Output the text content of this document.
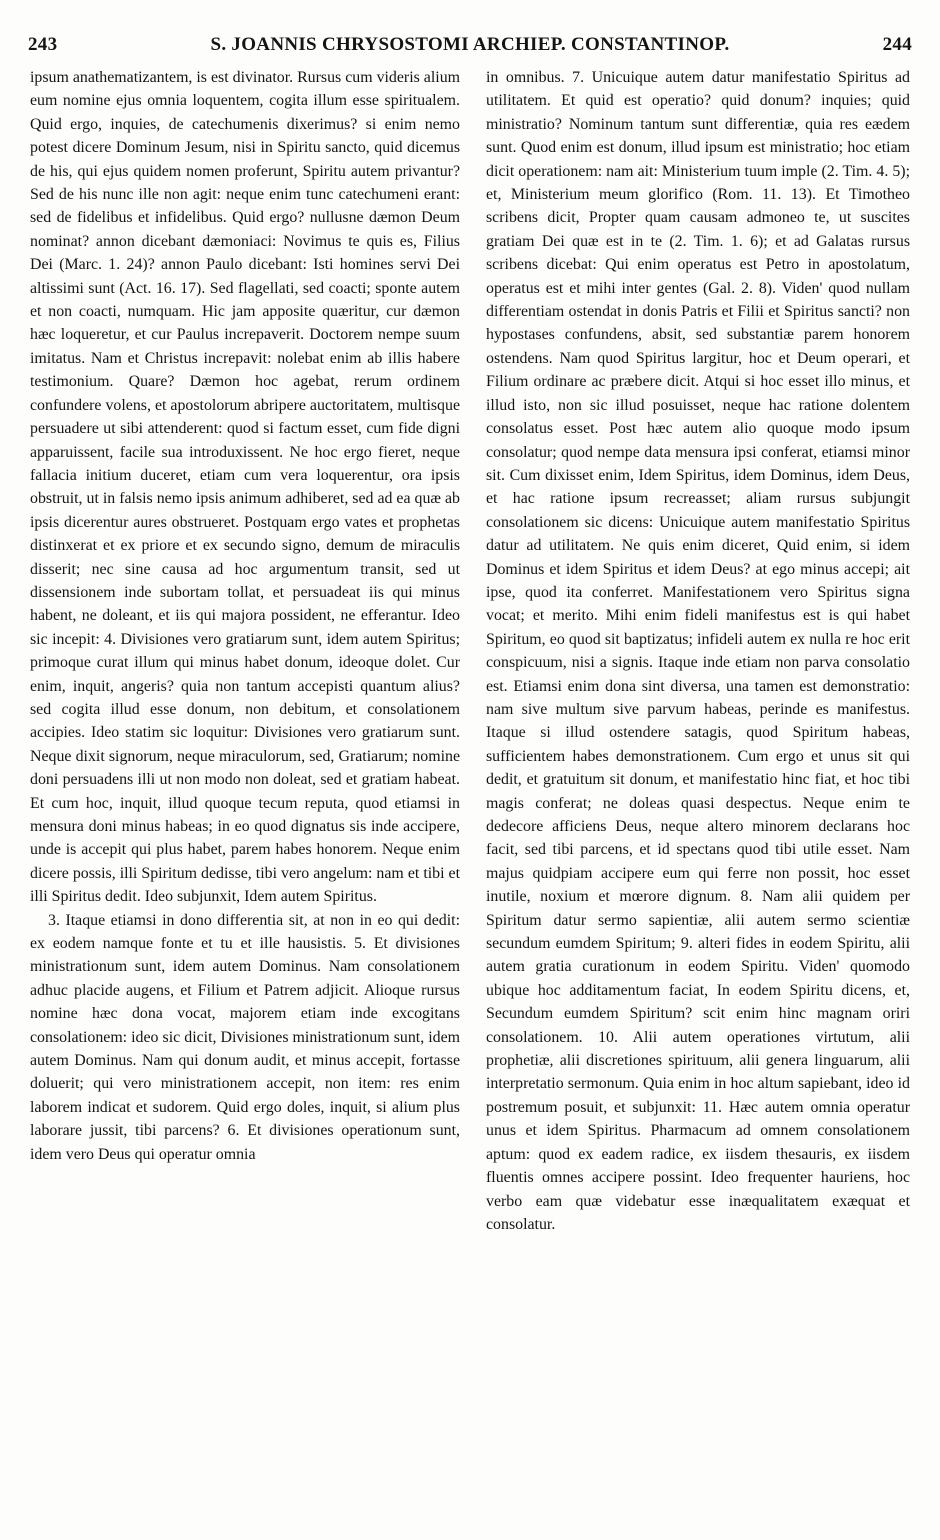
243	S. JOANNIS CHRYSOSTOMI ARCHIEP. CONSTANTINOP.	244

ipsum anathematizantem, is est divinator. Rursus cum videris alium eum nomine ejus omnia loquentem, cogita illum esse spiritualem. Quid ergo, inquies, de catechumenis dixerimus? si enim nemo potest dicere Dominum Jesum, nisi in Spiritu sancto, quid dicemus de his, qui ejus quidem nomen proferunt, Spiritu autem privantur? Sed de his nunc ille non agit: neque enim tunc catechumeni erant: sed de fidelibus et infidelibus. Quid ergo? nullusne dæmon Deum nominat? annon dicebant dæmoniaci: Novimus te quis es, Filius Dei (Marc. 1. 24)? annon Paulo dicebant: Isti homines servi Dei altissimi sunt (Act. 16. 17). Sed flagellati, sed coacti; sponte autem et non coacti, numquam. Hic jam apposite quæritur, cur dæmon hæc loqueretur, et cur Paulus increpaverit. Doctorem nempe suum imitatus. Nam et Christus increpavit: nolebat enim ab illis habere testimonium. Quare? Dæmon hoc agebat, rerum ordinem confundere volens, et apostolorum abripere auctoritatem, multisque persuadere ut sibi attenderent: quod si factum esset, cum fide digni apparuissent, facile sua introduxissent. Ne hoc ergo fieret, neque fallacia initium duceret, etiam cum vera loquerentur, ora ipsis obstruit, ut in falsis nemo ipsis animum adhiberet, sed ad ea quæ ab ipsis dicerentur aures obstrueret. Postquam ergo vates et prophetas distinxerat et ex priore et ex secundo signo, demum de miraculis disserit; nec sine causa ad hoc argumentum transit, sed ut dissensionem inde subortam tollat, et persuadeat iis qui minus habent, ne doleant, et iis qui majora possident, ne efferantur. Ideo sic incepit: 4. Divisiones vero gratiarum sunt, idem autem Spiritus; primoque curat illum qui minus habet donum, ideoque dolet. Cur enim, inquit, angeris? quia non tantum accepisti quantum alius? sed cogita illud esse donum, non debitum, et consolationem accipies. Ideo statim sic loquitur: Divisiones vero gratiarum sunt. Neque dixit signorum, neque miraculorum, sed, Gratiarum; nomine doni persuadens illi ut non modo non doleat, sed et gratiam habeat. Et cum hoc, inquit, illud quoque tecum reputa, quod etiamsi in mensura doni minus habeas; in eo quod dignatus sis inde accipere, unde is accepit qui plus habet, parem habes honorem. Neque enim dicere possis, illi Spiritum dedisse, tibi vero angelum: nam et tibi et illi Spiritus dedit. Ideo subjunxit, Idem autem Spiritus.

3. Itaque etiamsi in dono differentia sit, at non in eo qui dedit: ex eodem namque fonte et tu et ille hausistis. 5. Et divisiones ministrationum sunt, idem autem Dominus. Nam consolationem adhuc placide augens, et Filium et Patrem adjicit. Alioque rursus nomine hæc dona vocat, majorem etiam inde excogitans consolationem: ideo sic dicit, Divisiones ministrationum sunt, idem autem Dominus. Nam qui donum audit, et minus accepit, fortasse doluerit; qui vero ministrationem accepit, non item: res enim laborem indicat et sudorem. Quid ergo doles, inquit, si alium plus laborare jussit, tibi parcens? 6. Et divisiones operationum sunt, idem vero Deus qui operatur omnia

in omnibus. 7. Unicuique autem datur manifestatio Spiritus ad utilitatem. Et quid est operatio? quid donum? inquies; quid ministratio? Nominum tantum sunt differentiæ, quia res eædem sunt. Quod enim est donum, illud ipsum est ministratio; hoc etiam dicit operationem: nam ait: Ministerium tuum imple (2. Tim. 4. 5); et, Ministerium meum glorifico (Rom. 11. 13). Et Timotheo scribens dicit, Propter quam causam admoneo te, ut suscites gratiam Dei quæ est in te (2. Tim. 1. 6); et ad Galatas rursus scribens dicebat: Qui enim operatus est Petro in apostolatum, operatus est et mihi inter gentes (Gal. 2. 8). Viden' quod nullam differentiam ostendat in donis Patris et Filii et Spiritus sancti? non hypostases confundens, absit, sed substantiæ parem honorem ostendens. Nam quod Spiritus largitur, hoc et Deum operari, et Filium ordinare ac præbere dicit. Atqui si hoc esset illo minus, et illud isto, non sic illud posuisset, neque hac ratione dolentem consolatus esset. Post hæc autem alio quoque modo ipsum consolatur; quod nempe data mensura ipsi conferat, etiamsi minor sit. Cum dixisset enim, Idem Spiritus, idem Dominus, idem Deus, et hac ratione ipsum recreasset; aliam rursus subjungit consolationem sic dicens: Unicuique autem manifestatio Spiritus datur ad utilitatem. Ne quis enim diceret, Quid enim, si idem Dominus et idem Spiritus et idem Deus? at ego minus accepi; ait ipse, quod ita conferret. Manifestationem vero Spiritus signa vocat; et merito. Mihi enim fideli manifestus est is qui habet Spiritum, eo quod sit baptizatus; infideli autem ex nulla re hoc erit conspicuum, nisi a signis. Itaque inde etiam non parva consolatio est. Etiamsi enim dona sint diversa, una tamen est demonstratio: nam sive multum sive parvum habeas, perinde es manifestus. Itaque si illud ostendere satagis, quod Spiritum habeas, sufficientem habes demonstrationem. Cum ergo et unus sit qui dedit, et gratuitum sit donum, et manifestatio hinc fiat, et hoc tibi magis conferat; ne doleas quasi despectus. Neque enim te dedecore afficiens Deus, neque altero minorem declarans hoc facit, sed tibi parcens, et id spectans quod tibi utile esset. Nam majus quidpiam accipere eum qui ferre non possit, hoc esset inutile, noxium et mœrore dignum. 8. Nam alii quidem per Spiritum datur sermo sapientiæ, alii autem sermo scientiæ secundum eumdem Spiritum; 9. alteri fides in eodem Spiritu, alii autem gratia curationum in eodem Spiritu. Viden' quomodo ubique hoc additamentum faciat, In eodem Spiritu dicens, et, Secundum eumdem Spiritum? scit enim hinc magnam oriri consolationem. 10. Alii autem operationes virtutum, alii prophetiæ, alii discretiones spirituum, alii genera linguarum, alii interpretatio sermonum. Quia enim in hoc altum sapiebant, ideo id postremum posuit, et subjunxit: 11. Hæc autem omnia operatur unus et idem Spiritus. Pharmacum ad omnem consolationem aptum: quod ex eadem radice, ex iisdem thesauris, ex iisdem fluentis omnes accipere possint. Ideo frequenter hauriens, hoc verbo eam quæ videbatur esse inæqualitatem exæquat et consolatur.
